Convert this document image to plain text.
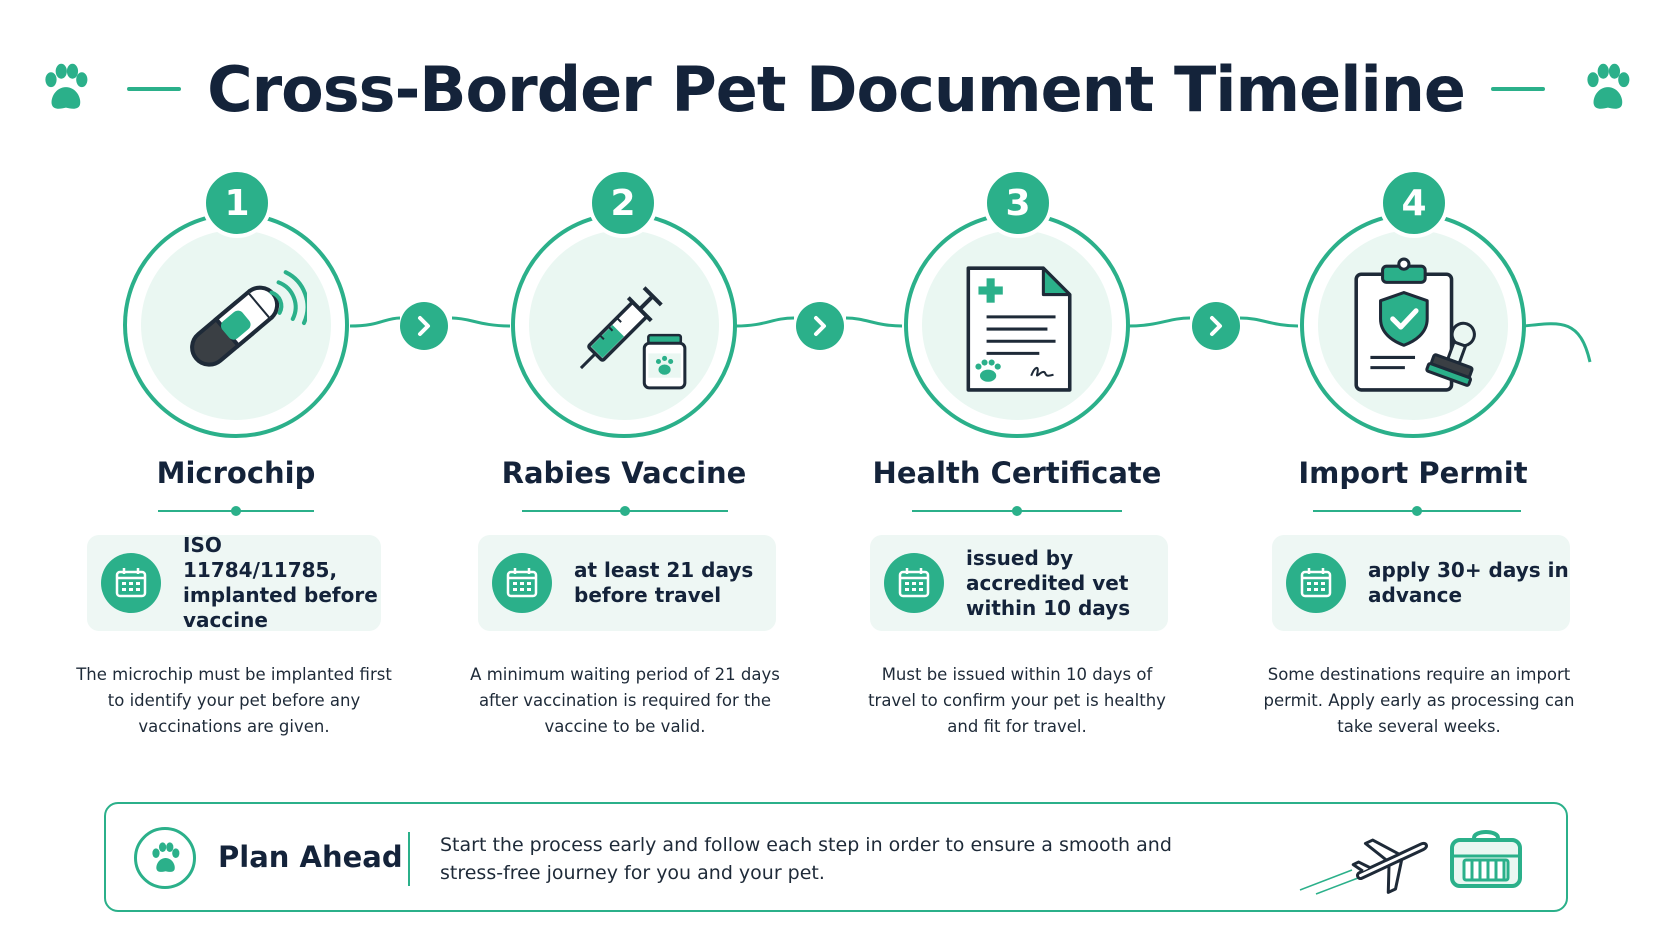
Cross-Border Pet Document Timeline
1
Microchip
ISO 11784/11785, implanted before vaccine
The microchip must be implanted first to identify your pet before any vaccinations are given.
2
Rabies Vaccine
at least 21 days before travel
A minimum waiting period of 21 days after vaccination is required for the vaccine to be valid.
3
Health Certificate
issued by accredited vet within 10 days
Must be issued within 10 days of travel to confirm your pet is healthy and fit for travel.
4
Import Permit
apply 30+ days in advance
Some destinations require an import permit. Apply early as processing can take several weeks.
Plan Ahead Start the process early and follow each step in order to ensure a smooth and stress-free journey for you and your pet.
